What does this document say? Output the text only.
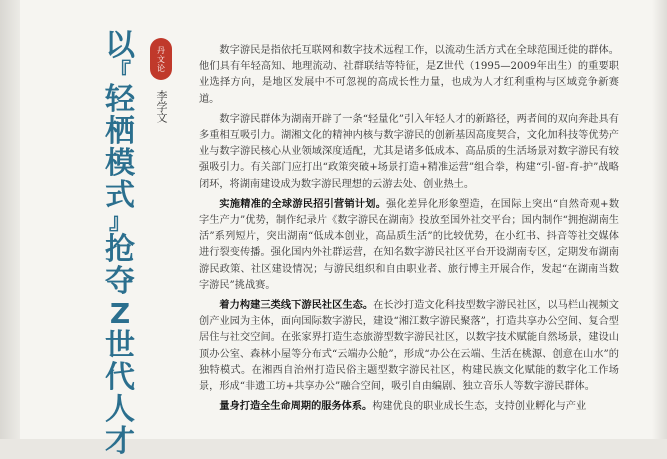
以
『
轻
栖
模
式
』
抢
夺
Z
世
代
人
才
丹
文
论
李学文

数字游民是指依托互联网和数字技术远程工作，以流动生活方式在全球范围迁徙的群体。他们具有年轻高知、地理流动、社群联结等特征，是Z世代（1995—2009年出生）的重要职业选择方向，是地区发展中不可忽视的高成长性力量，也成为人才红利重构与区域竞争新赛道。

数字游民群体为湖南开辟了一条“轻量化”引入年轻人才的新路径，两者间的双向奔赴具有多重相互吸引力。湖湘文化的精神内核与数字游民的创新基因高度契合，文化加科技等优势产业与数字游民核心从业领域深度适配，尤其是诸多低成本、高品质的生活场景对数字游民有较强吸引力。有关部门应打出“政策突破+场景打造+精准运营”组合拳，构建“引-留-育-护”战略闭环，将湖南建设成为数字游民理想的云游去处、创业热土。

实施精准的全球游民招引营销计划。强化差异化形象塑造，在国际上突出“自然奇观+数字生产力”优势，制作纪录片《数字游民在湖南》投放至国外社交平台；国内制作“拥抱湖南生活”系列短片，突出湖南“低成本创业，高品质生活”的比较优势，在小红书、抖音等社交媒体进行裂变传播。强化国内外社群运营，在知名数字游民社区平台开设湖南专区，定期发布湖南游民政策、社区建设情况；与游民组织和自由职业者、旅行博主开展合作，发起“在湖南当数字游民”挑战赛。

着力构建三类线下游民社区生态。在长沙打造文化科技型数字游民社区，以马栏山视频文创产业园为主体，面向国际数字游民，建设“湘江数字游民聚落”，打造共享办公空间、复合型居住与社交空间。在张家界打造生态旅游型数字游民社区，以数字技术赋能自然场景，建设山顶办公室、森林小屋等分布式“云端办公舱”，形成“办公在云端、生活在桃源、创意在山水”的独特模式。在湘西自治州打造民俗主题型数字游民社区，构建民族文化赋能的数字化工作场景，形成“非遗工坊+共享办公”融合空间，吸引自由编剧、独立音乐人等数字游民群体。

量身打造全生命周期的服务体系。构建优良的职业成长生态，支持创业孵化与产业
